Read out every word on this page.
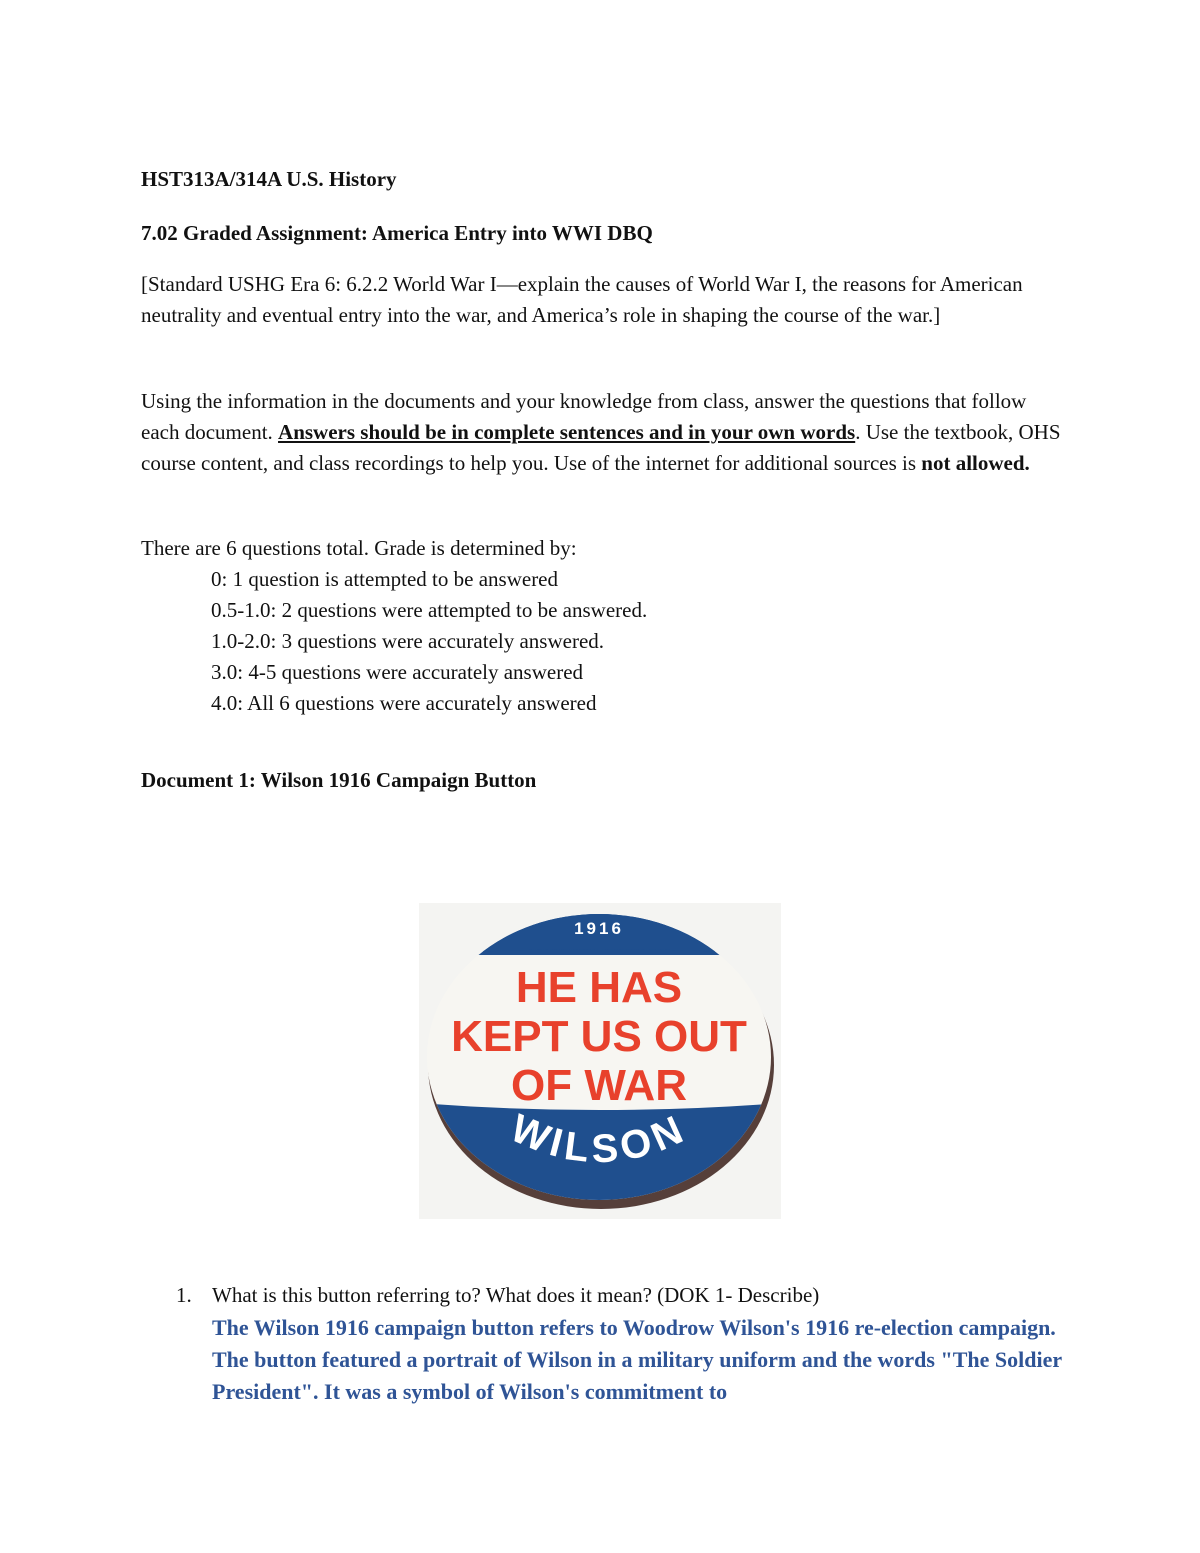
HST313A/314A U.S. History

7.02 Graded Assignment: America Entry into WWI DBQ

[Standard USHG Era 6: 6.2.2 World War I—explain the causes of World War I, the reasons for American neutrality and eventual entry into the war, and America’s role in shaping the course of the war.]

Using the information in the documents and your knowledge from class, answer the questions that follow each document. Answers should be in complete sentences and in your own words. Use the textbook, OHS course content, and class recordings to help you. Use of the internet for additional sources is not allowed.

There are 6 questions total. Grade is determined by:

0: 1 question is attempted to be answered
0.5-1.0: 2 questions were attempted to be answered.
1.0-2.0: 3 questions were accurately answered.
3.0: 4-5 questions were accurately answered
4.0: All 6 questions were accurately answered

Document 1: Wilson 1916 Campaign Button

1916
HE HAS
KEPT US OUT
OF WAR
WILSON
1. What is this button referring to? What does it mean? (DOK 1- Describe)
The Wilson 1916 campaign button refers to Woodrow Wilson's 1916 re-election campaign. The button featured a portrait of Wilson in a military uniform and the words "The Soldier President". It was a symbol of Wilson's commitment to
